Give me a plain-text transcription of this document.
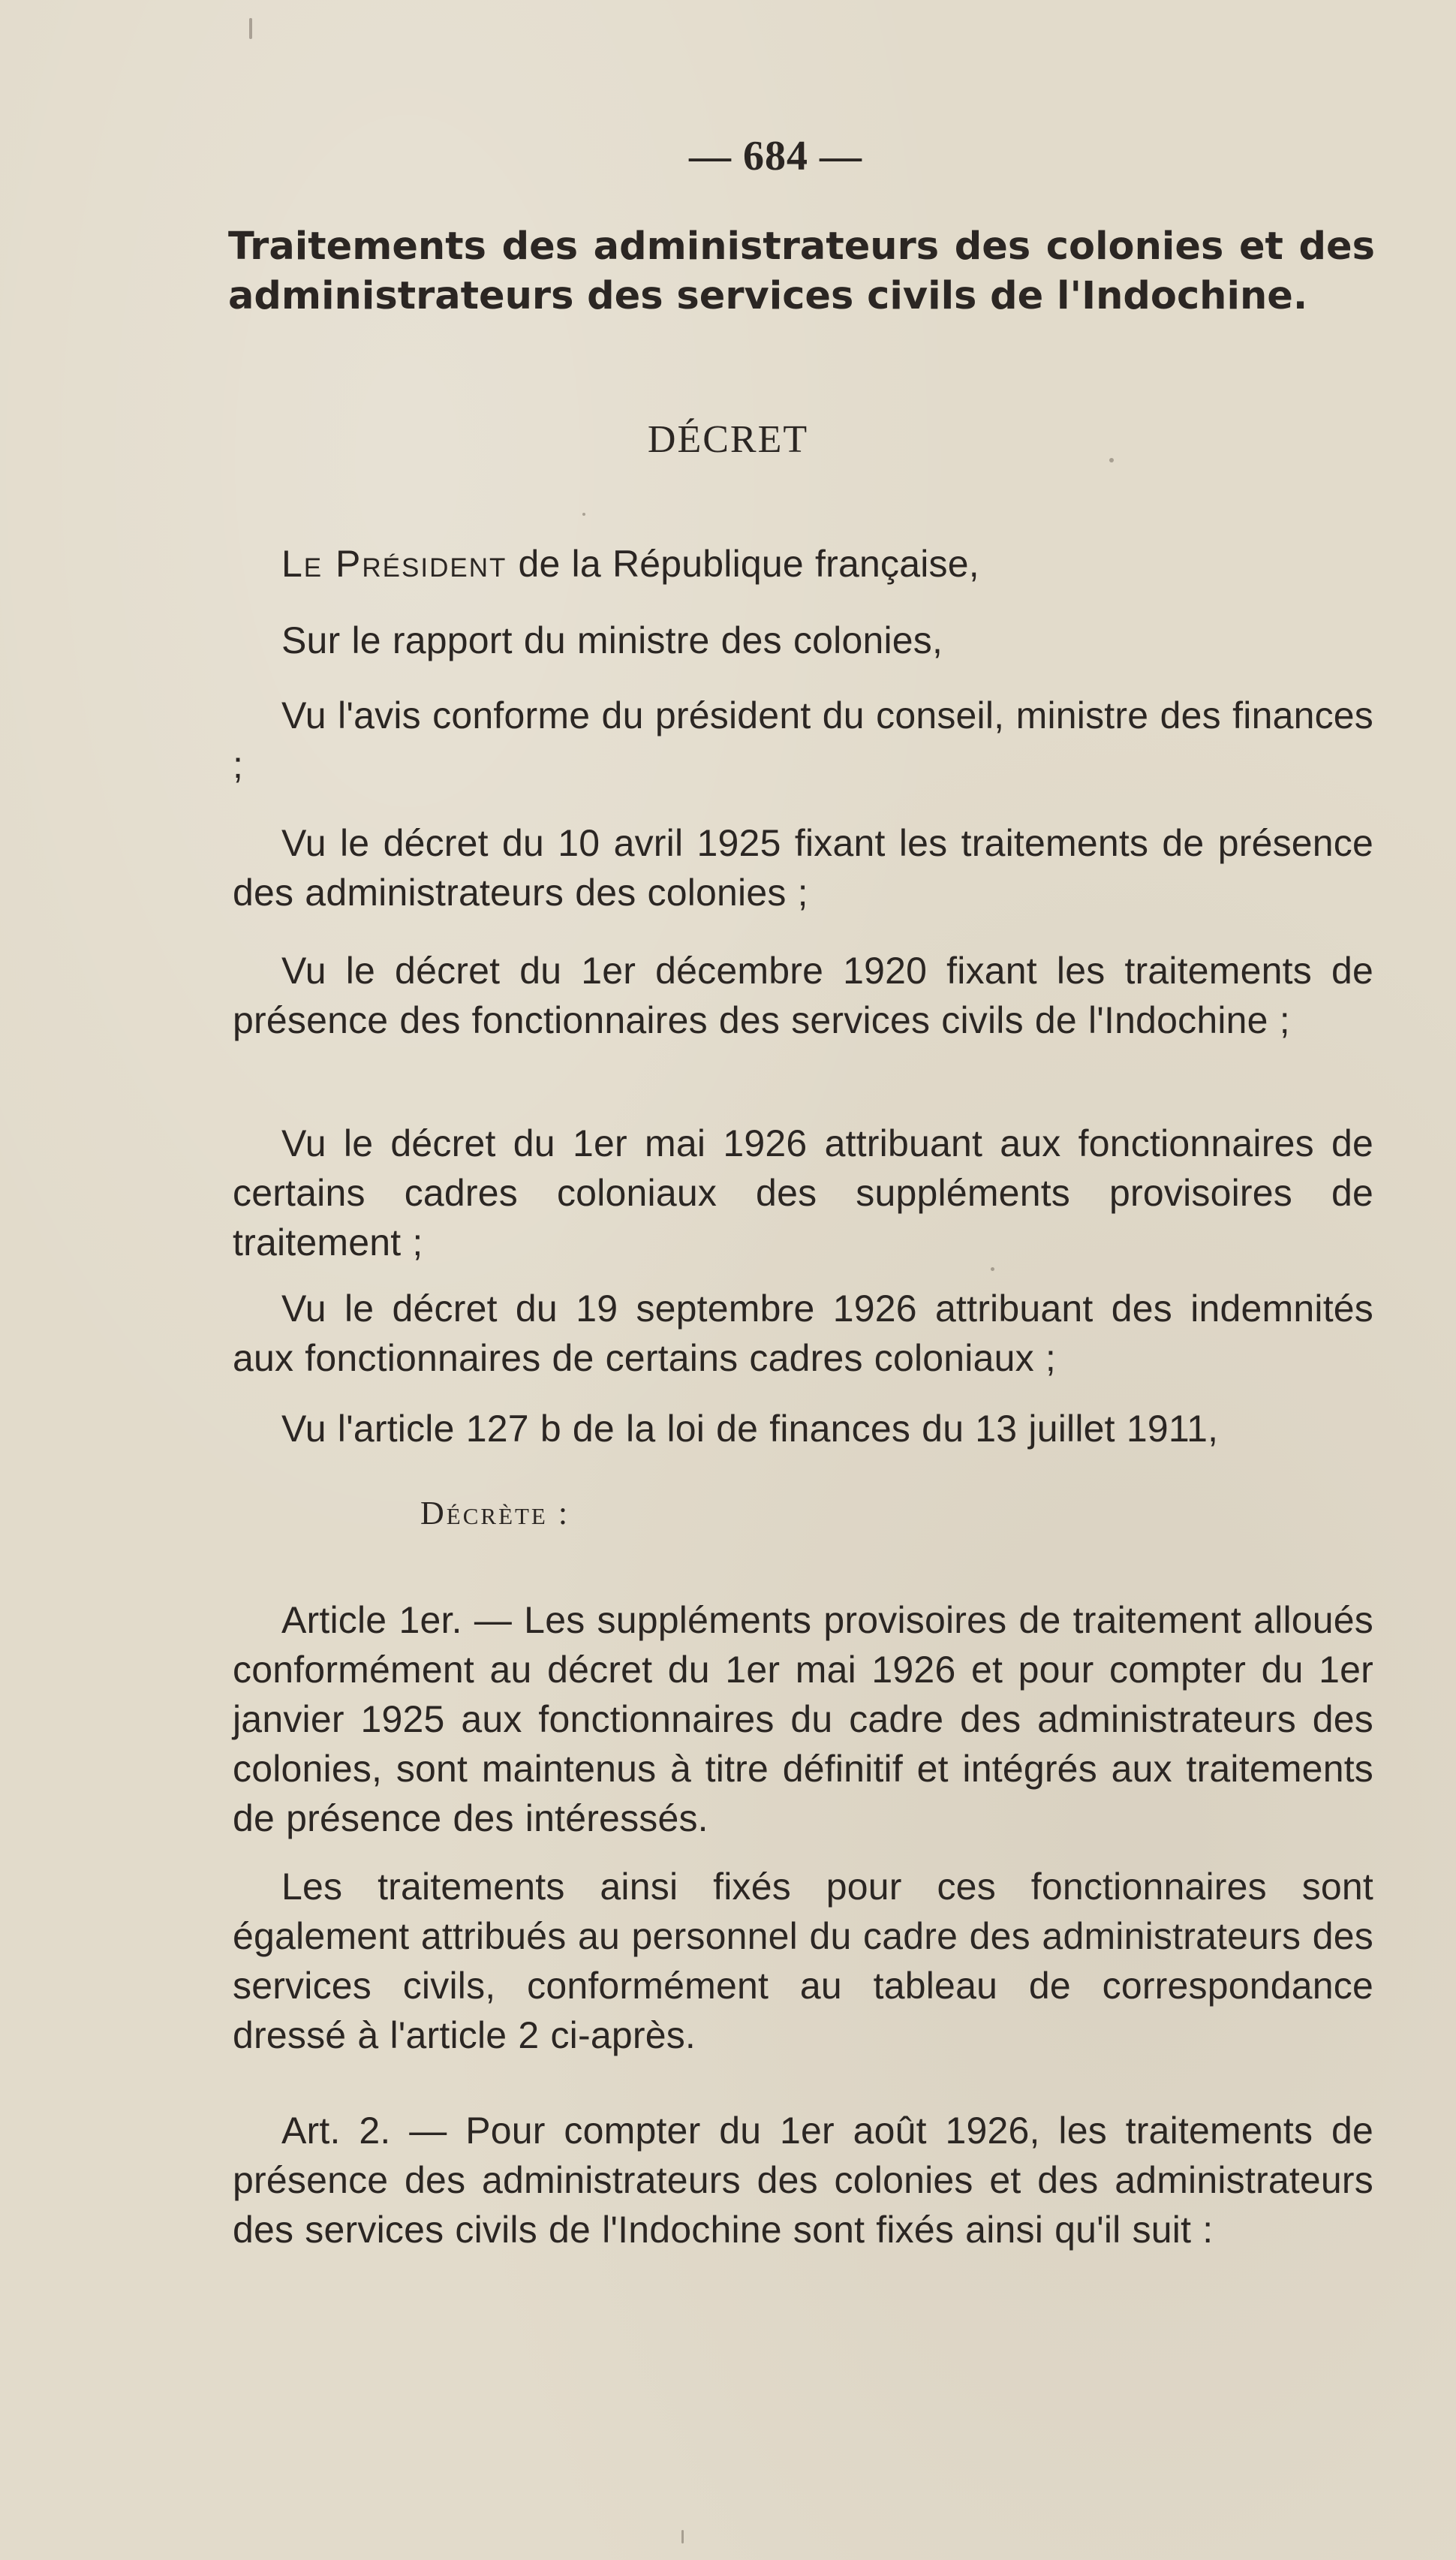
— 684 —
Traitements des administrateurs des colonies et des administrateurs des services civils de l'Indochine.
DÉCRET

Le Président de la République française,

Sur le rapport du ministre des colonies,

Vu l'avis conforme du président du conseil, ministre des finances ;

Vu le décret du 10 avril 1925 fixant les traitements de présence des administrateurs des colonies ;

Vu le décret du 1er décembre 1920 fixant les traitements de présence des fonctionnaires des services civils de l'Indochine ;

Vu le décret du 1er mai 1926 attribuant aux fonctionnaires de certains cadres coloniaux des suppléments provisoires de traitement ;

Vu le décret du 19 septembre 1926 attribuant des indemnités aux fonctionnaires de certains cadres coloniaux ;

Vu l'article 127 b de la loi de finances du 13 juillet 1911,

Décrète :

Article 1er. — Les suppléments provisoires de traitement alloués conformément au décret du 1er mai 1926 et pour compter du 1er janvier 1925 aux fonctionnaires du cadre des administrateurs des colonies, sont maintenus à titre définitif et intégrés aux traitements de présence des intéressés.

Les traitements ainsi fixés pour ces fonctionnaires sont également attribués au personnel du cadre des administrateurs des services civils, conformément au tableau de correspondance dressé à l'article 2 ci-après.

Art. 2. — Pour compter du 1er août 1926, les traitements de présence des administrateurs des colonies et des administrateurs des services civils de l'Indochine sont fixés ainsi qu'il suit :
